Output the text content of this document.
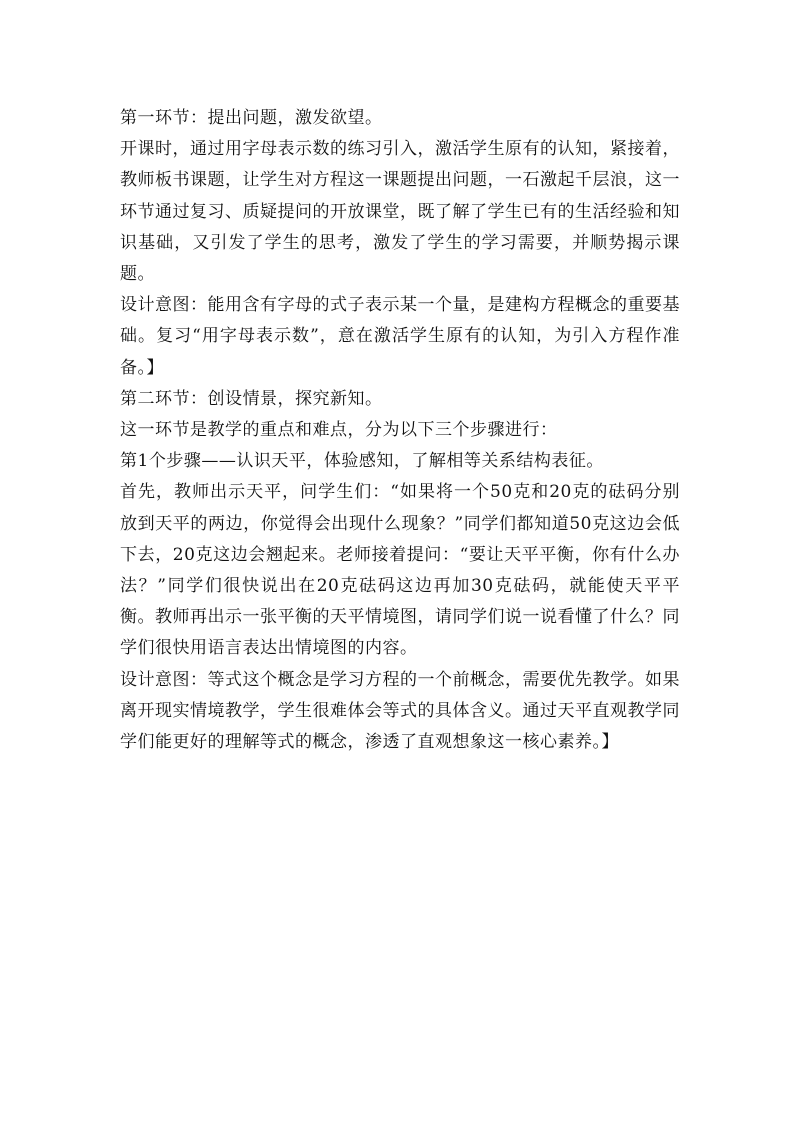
第一环节：提出问题，激发欲望。

开课时，通过用字母表示数的练习引入，激活学生原有的认知，紧接着，教师板书课题，让学生对方程这一课题提出问题，一石激起千层浪，这一环节通过复习、质疑提问的开放课堂，既了解了学生已有的生活经验和知识基础，又引发了学生的思考，激发了学生的学习需要，并顺势揭示课题。

设计意图：能用含有字母的式子表示某一个量，是建构方程概念的重要基础。复习“用字母表示数”，意在激活学生原有的认知，为引入方程作准备。】

第二环节：创设情景，探究新知。

这一环节是教学的重点和难点，分为以下三个步骤进行：

第1个步骤——认识天平，体验感知，了解相等关系结构表征。

首先，教师出示天平，问学生们：“如果将一个50克和20克的砝码分别放到天平的两边，你觉得会出现什么现象？”同学们都知道50克这边会低下去，20克这边会翘起来。老师接着提问：“要让天平平衡，你有什么办法？”同学们很快说出在20克砝码这边再加30克砝码，就能使天平平衡。教师再出示一张平衡的天平情境图，请同学们说一说看懂了什么？同学们很快用语言表达出情境图的内容。

设计意图：等式这个概念是学习方程的一个前概念，需要优先教学。如果离开现实情境教学，学生很难体会等式的具体含义。通过天平直观教学同学们能更好的理解等式的概念，渗透了直观想象这一核心素养。】
